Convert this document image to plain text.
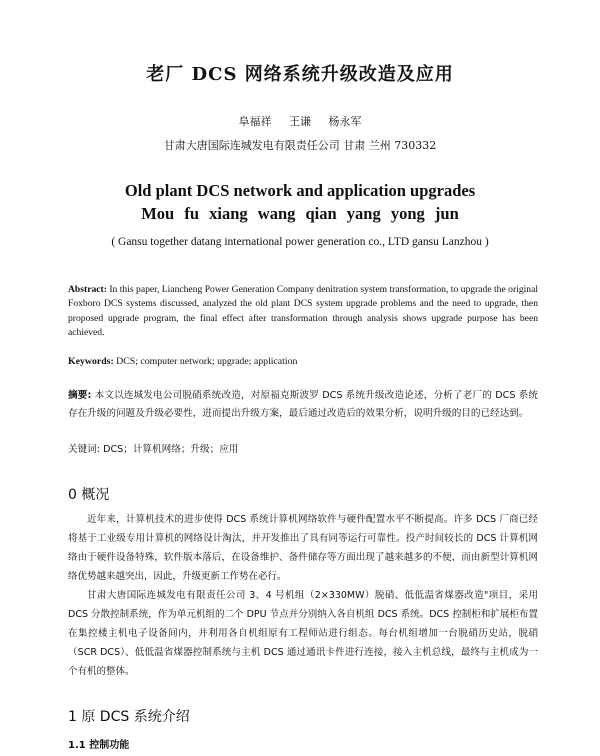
老厂 DCS 网络系统升级改造及应用
阜福祥 王谦 杨永军
甘肃大唐国际连城发电有限责任公司 甘肃 兰州 730332
Old plant DCS network and application upgrades
Mou fu xiang wang qian yang yong jun
( Gansu together datang international power generation co., LTD gansu Lanzhou )
Abstract: In this paper, Liancheng Power Generation Company denitration system transformation, to upgrade the original Foxboro DCS systems discussed, analyzed the old plant DCS system upgrade problems and the need to upgrade, then proposed upgrade program, the final effect after transformation through analysis shows upgrade purpose has been achieved.
Keywords: DCS; computer network; upgrade; application
摘要: 本文以连城发电公司脱硝系统改造，对原福克斯波罗 DCS 系统升级改造论述，分析了老厂的 DCS 系统存在升级的问题及升级必要性，进而提出升级方案，最后通过改造后的效果分析，说明升级的目的已经达到。
关键词: DCS；计算机网络；升级；应用
0 概况
近年来，计算机技术的进步使得 DCS 系统计算机网络软件与硬件配置水平不断提高。许多 DCS 厂商已经将基于工业级专用计算机的网络设计淘汰，并开发推出了具有同等运行可靠性。投产时间较长的 DCS 计算机网络由于硬件设备特殊，软件版本落后，在设备维护、备件储存等方面出现了越来越多的不便，而由新型计算机网络优势越来越突出，因此，升级更新工作势在必行。
甘肃大唐国际连城发电有限责任公司 3、4 号机组（2×330MW）脱硝、低低温省煤器改造"项目，采用 DCS 分散控制系统，作为单元机组的二个 DPU 节点并分别纳入各自机组 DCS 系统。DCS 控制柜和扩展柜布置在集控楼主机电子设备间内，并利用各自机组原有工程师站进行组态。每台机组增加一台脱硝历史站，脱硝（SCR DCS）、低低温省煤器控制系统与主机 DCS 通过通讯卡件进行连接，接入主机总线，最终与主机成为一个有机的整体。
1 原 DCS 系统介绍
1.1 控制功能
